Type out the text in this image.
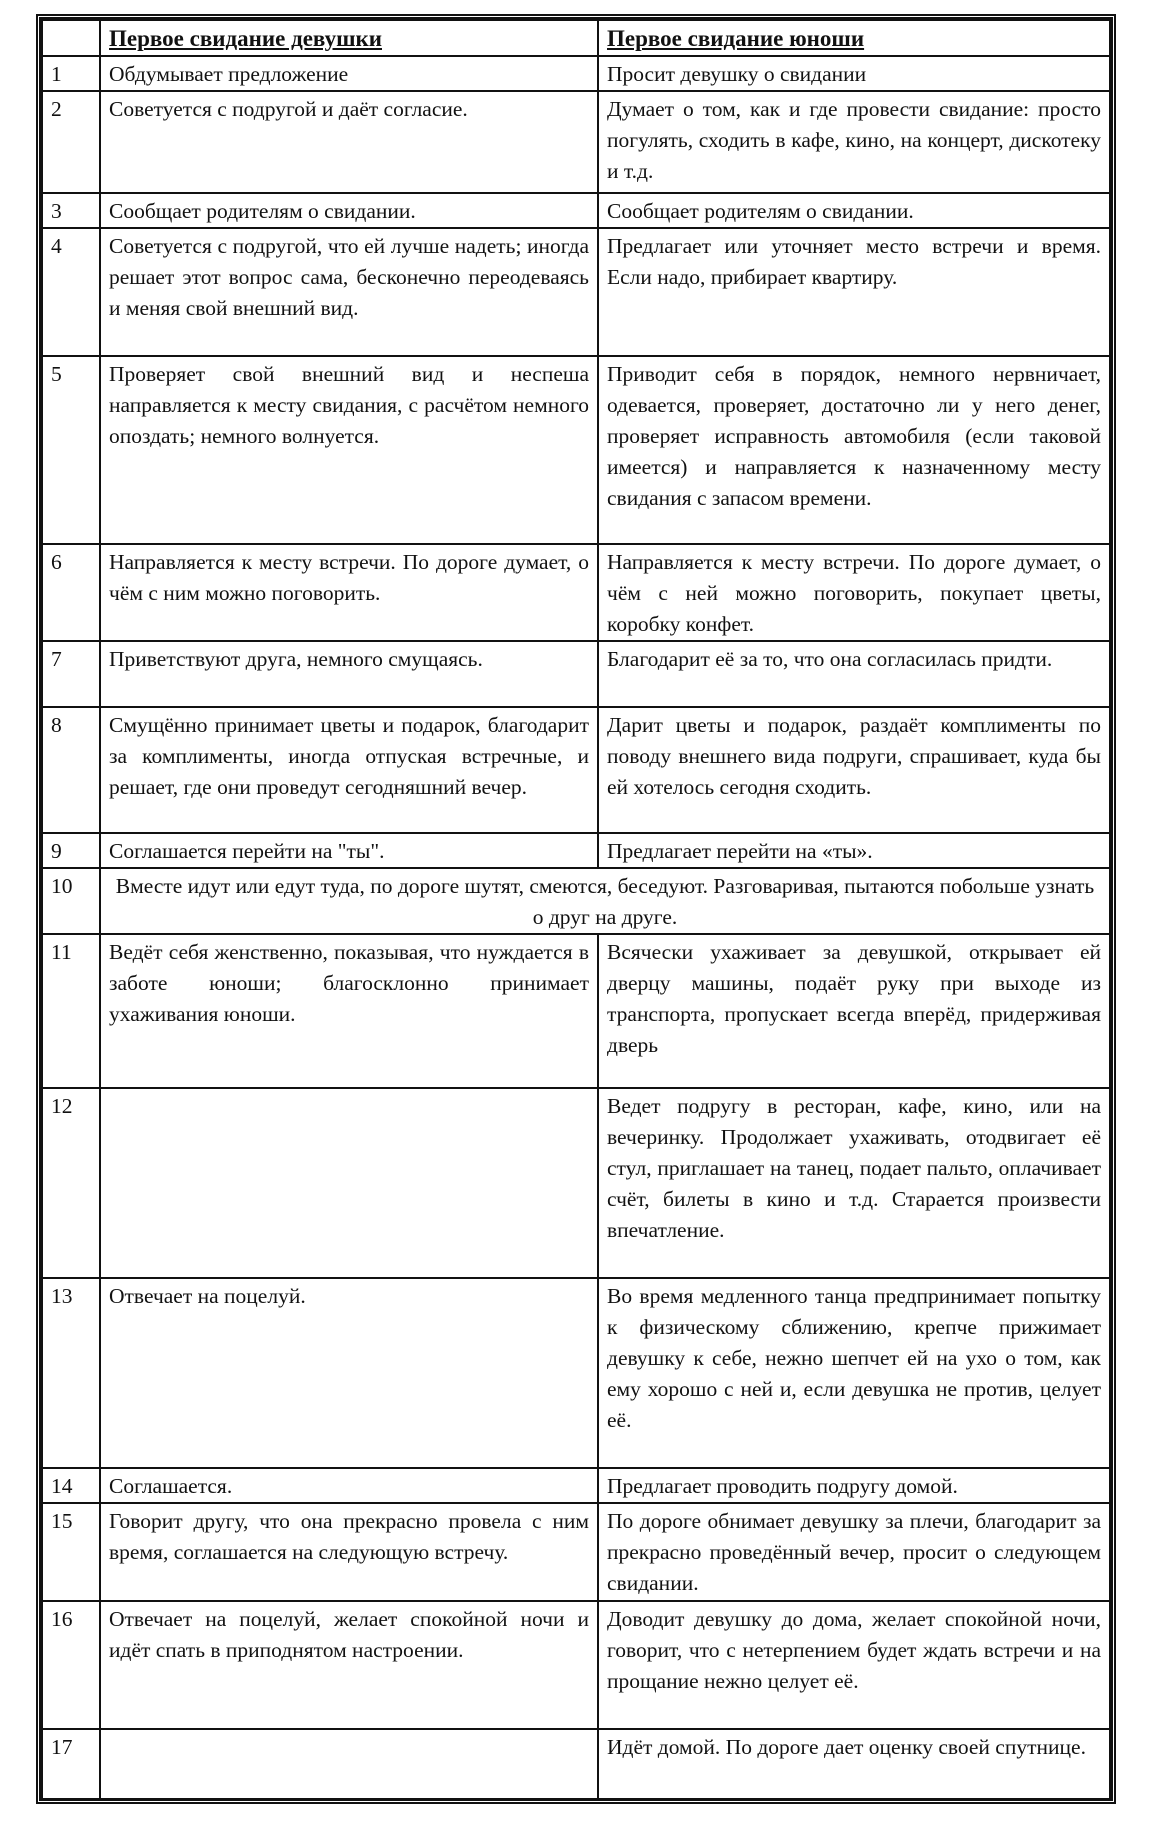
	Первое свидание девушки	Первое свидание юноши
1	Обдумывает предложение	Просит девушку о свидании
2	Советуется с подругой и даёт согласие.	Думает о том, как и где провести свидание: просто погулять, сходить в кафе, кино, на концерт, дискотеку и т.д.
3	Сообщает родителям о свидании.	Сообщает родителям о свидании.
4	Советуется с подругой, что ей лучше надеть; иногда решает этот вопрос сама, бесконечно переодеваясь и меняя свой внешний вид.	Предлагает или уточняет место встречи и время. Если надо, прибирает квартиру.
5	Проверяет свой внешний вид и неспеша направляется к месту свидания, с расчётом немного опоздать; немного волнуется.	Приводит себя в порядок, немного нервничает, одевается, проверяет, достаточно ли у него денег, проверяет исправность автомобиля (если таковой имеется) и направляется к назначенному месту свидания с запасом времени.
6	Направляется к месту встречи. По дороге думает, о чём с ним можно поговорить.	Направляется к месту встречи. По дороге думает, о чём с ней можно поговорить, покупает цветы, коробку конфет.
7	Приветствуют друга, немного смущаясь.	Благодарит её за то, что она согласилась придти.
8	Смущённо принимает цветы и подарок, благодарит за комплименты, иногда отпуская встречные, и решает, где они проведут сегодняшний вечер.	Дарит цветы и подарок, раздаёт комплименты по поводу внешнего вида подруги, спрашивает, куда бы ей хотелось сегодня сходить.
9	Соглашается перейти на "ты".	Предлагает перейти на «ты».
10	Вместе идут или едут туда, по дороге шутят, смеются, беседуют. Разговаривая, пытаются побольше узнать о друг на друге.	
11	Ведёт себя женственно, показывая, что нуждается в заботе юноши; благосклонно принимает ухаживания юноши.	Всячески ухаживает за девушкой, открывает ей дверцу машины, подаёт руку при выходе из транспорта, пропускает всегда вперёд, придерживая дверь
12		Ведет подругу в ресторан, кафе, кино, или на вечеринку. Продолжает ухаживать, отодвигает её стул, приглашает на танец, подает пальто, оплачивает счёт, билеты в кино и т.д. Старается произвести впечатление.
13	Отвечает на поцелуй.	Во время медленного танца предпринимает попытку к физическому сближению, крепче прижимает девушку к себе, нежно шепчет ей на ухо о том, как ему хорошо с ней и, если девушка не против, целует её.
14	Соглашается.	Предлагает проводить подругу домой.
15	Говорит другу, что она прекрасно провела с ним время, соглашается на следующую встречу.	По дороге обнимает девушку за плечи, благодарит за прекрасно проведённый вечер, просит о следующем свидании.
16	Отвечает на поцелуй, желает спокойной ночи и идёт спать в приподнятом настроении.	Доводит девушку до дома, желает спокойной ночи, говорит, что с нетерпением будет ждать встречи и на прощание нежно целует её.
17		Идёт домой. По дороге дает оценку своей спутнице.
